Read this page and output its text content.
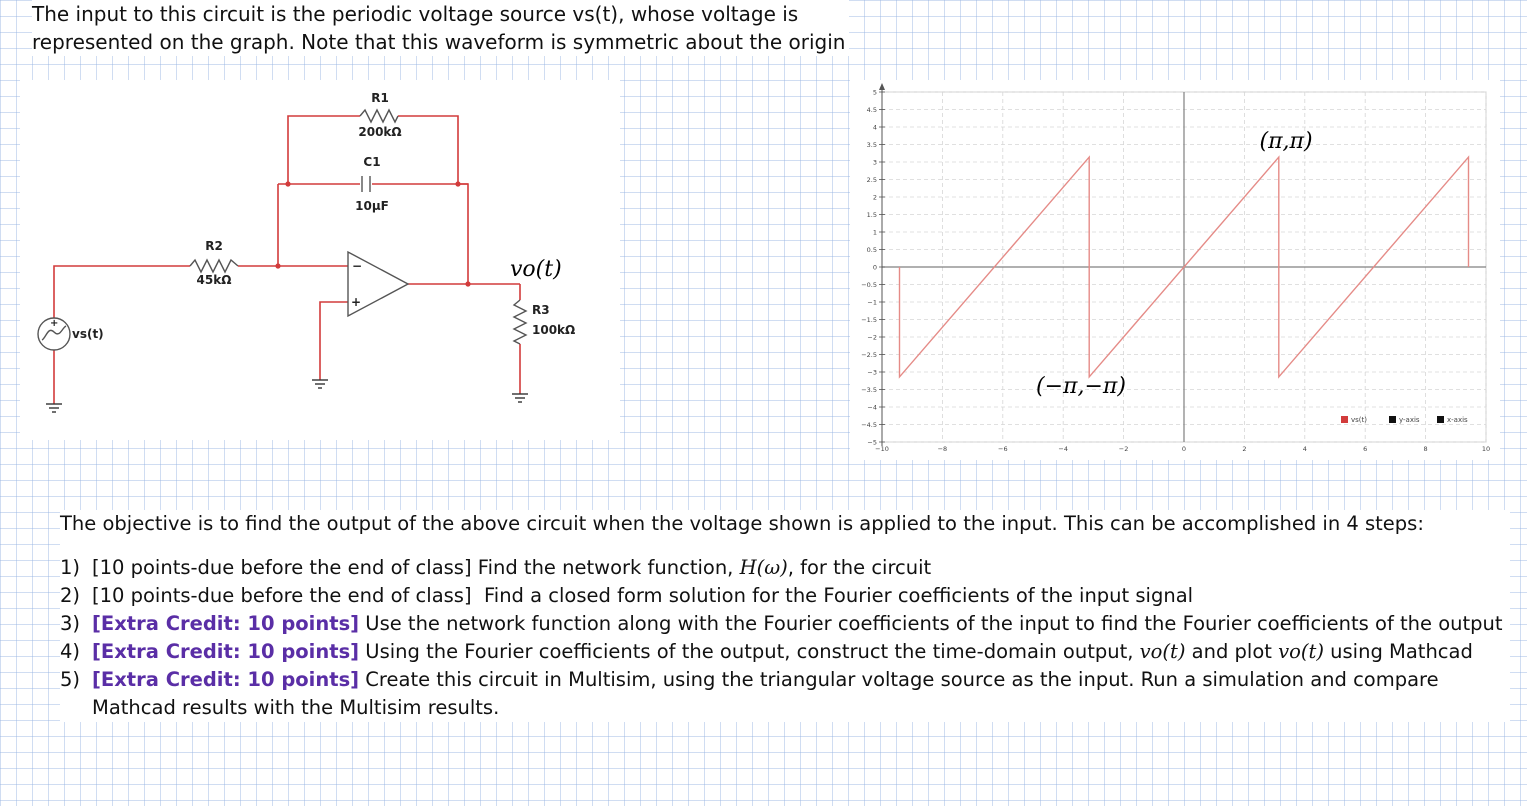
The input to this circuit is the periodic voltage source vs(t), whose voltage is
represented on the graph. Note that this waveform is symmetric about the origin
R1
200kΩ
C1
10µF
R2
45kΩ
R3
100kΩ
vs(t)
+
−
+
vo(t)
−5
−4.5
−4
−3.5
−3
−2.5
−2
−1.5
−1
−0.5
0
0.5
1
1.5
2
2.5
3
3.5
4
4.5
5
−10	−8	−6	−4	−2	0	2	4	6	8	10
(π,π)
(−π,−π)
vs(t)	y-axis	x-axis
The objective is to find the output of the above circuit when the voltage shown is applied to the input. This can be accomplished in 4 steps:
1) [10 points-due before the end of class] Find the network function, H(ω), for the circuit
2) [10 points-due before the end of class] Find a closed form solution for the Fourier coefficients of the input signal
3) [Extra Credit: 10 points] Use the network function along with the Fourier coefficients of the input to find the Fourier coefficients of the output
4) [Extra Credit: 10 points] Using the Fourier coefficients of the output, construct the time-domain output, vo(t) and plot vo(t) using Mathcad
5) [Extra Credit: 10 points] Create this circuit in Multisim, using the triangular voltage source as the input. Run a simulation and compare Mathcad results with the Multisim results.
